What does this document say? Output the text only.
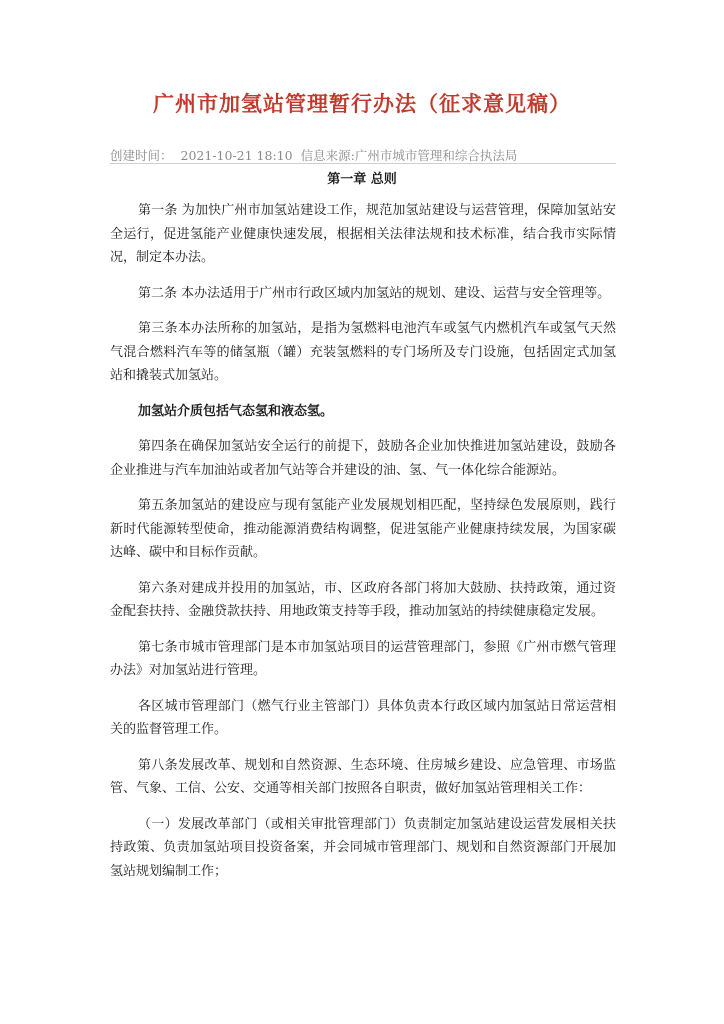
广州市加氢站管理暂行办法（征求意见稿）
创建时间： 2021-10-21 18:10 信息来源:广州市城市管理和综合执法局
第一章 总则

第一条 为加快广州市加氢站建设工作，规范加氢站建设与运营管理，保障加氢站安全运行，促进氢能产业健康快速发展，根据相关法律法规和技术标准，结合我市实际情况，制定本办法。

第二条 本办法适用于广州市行政区域内加氢站的规划、建设、运营与安全管理等。

第三条本办法所称的加氢站，是指为氢燃料电池汽车或氢气内燃机汽车或氢气天然气混合燃料汽车等的储氢瓶（罐）充装氢燃料的专门场所及专门设施，包括固定式加氢站和撬装式加氢站。

加氢站介质包括气态氢和液态氢。

第四条在确保加氢站安全运行的前提下，鼓励各企业加快推进加氢站建设，鼓励各企业推进与汽车加油站或者加气站等合并建设的油、氢、气一体化综合能源站。

第五条加氢站的建设应与现有氢能产业发展规划相匹配，坚持绿色发展原则，践行新时代能源转型使命，推动能源消费结构调整，促进氢能产业健康持续发展，为国家碳达峰、碳中和目标作贡献。

第六条对建成并投用的加氢站，市、区政府各部门将加大鼓励、扶持政策，通过资金配套扶持、金融贷款扶持、用地政策支持等手段，推动加氢站的持续健康稳定发展。

第七条市城市管理部门是本市加氢站项目的运营管理部门，参照《广州市燃气管理办法》对加氢站进行管理。

各区城市管理部门（燃气行业主管部门）具体负责本行政区域内加氢站日常运营相关的监督管理工作。

第八条发展改革、规划和自然资源、生态环境、住房城乡建设、应急管理、市场监管、气象、工信、公安、交通等相关部门按照各自职责，做好加氢站管理相关工作：

（一）发展改革部门（或相关审批管理部门）负责制定加氢站建设运营发展相关扶持政策、负责加氢站项目投资备案，并会同城市管理部门、规划和自然资源部门开展加氢站规划编制工作；
